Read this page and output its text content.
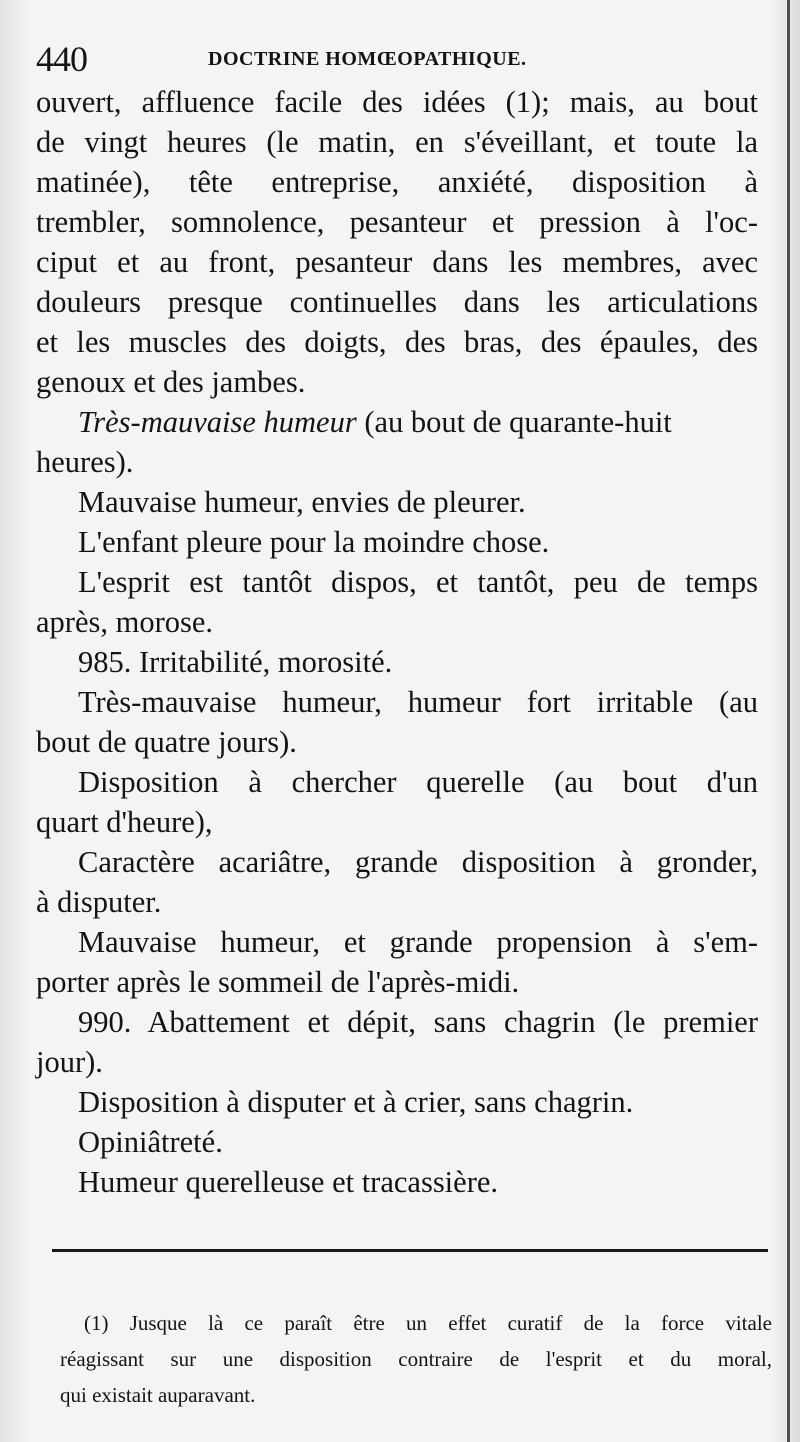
440	DOCTRINE HOMŒOPATHIQUE.
ouvert, affluence facile des idées (1); mais, au bout
de vingt heures (le matin, en s'éveillant, et toute la
matinée), tête entreprise, anxiété, disposition à
trembler, somnolence, pesanteur et pression à l'oc-
ciput et au front, pesanteur dans les membres, avec
douleurs presque continuelles dans les articulations
et les muscles des doigts, des bras, des épaules, des
genoux et des jambes.
Très-mauvaise humeur (au bout de quarante-huit
heures).
Mauvaise humeur, envies de pleurer.
L'enfant pleure pour la moindre chose.
L'esprit est tantôt dispos, et tantôt, peu de temps
après, morose.
985. Irritabilité, morosité.
Très-mauvaise humeur, humeur fort irritable (au
bout de quatre jours).
Disposition à chercher querelle (au bout d'un
quart d'heure),
Caractère acariâtre, grande disposition à gronder,
à disputer.
Mauvaise humeur, et grande propension à s'em-
porter après le sommeil de l'après-midi.
990. Abattement et dépit, sans chagrin (le premier
jour).
Disposition à disputer et à crier, sans chagrin.
Opiniâtreté.
Humeur querelleuse et tracassière.
(1) Jusque là ce paraît être un effet curatif de la force vitale
réagissant sur une disposition contraire de l'esprit et du moral,
qui existait auparavant.
